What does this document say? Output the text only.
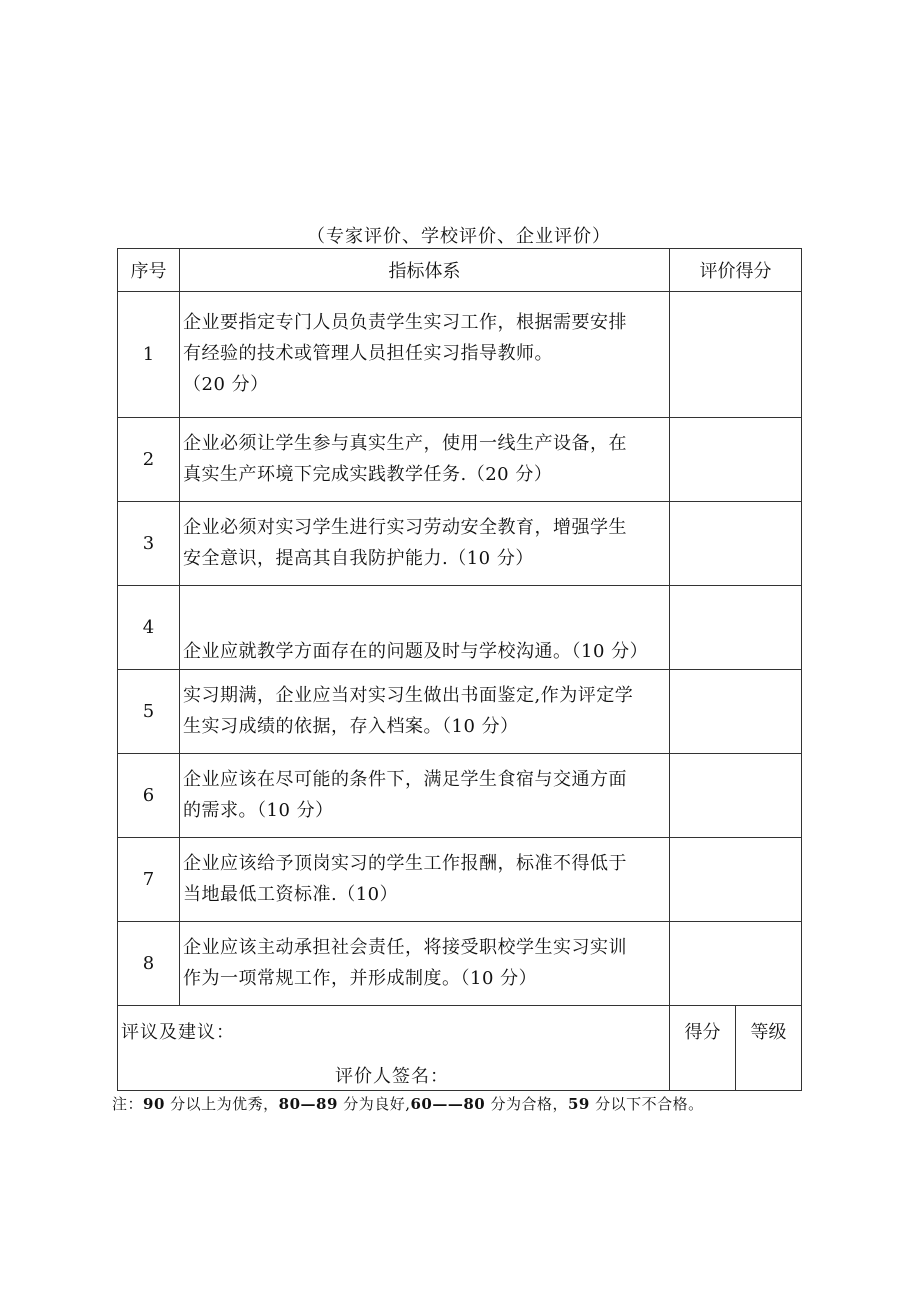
（专家评价、学校评价、企业评价）
序号	指标体系	评价得分	
1	企业要指定专门人员负责学生实习工作，根据需要安排
有经验的技术或管理人员担任实习指导教师。
（20 分）		

2	企业必须让学生参与真实生产，使用一线生产设备，在
真实生产环境下完成实践教学任务.（20 分）		

3	企业必须对实习学生进行实习劳动安全教育，增强学生
安全意识，提高其自我防护能力.（10 分）		

4	企业应就教学方面存在的问题及时与学校沟通。（10 分）		

5	实习期满，企业应当对实习生做出书面鉴定,作为评定学
生实习成绩的依据，存入档案。（10 分）		

6	企业应该在尽可能的条件下，满足学生食宿与交通方面
的需求。（10 分）		

7	企业应该给予顶岗实习的学生工作报酬，标准不得低于
当地最低工资标准.（10）		

8	企业应该主动承担社会责任，将接受职校学生实习实训
作为一项常规工作，并形成制度。（10 分）		

评议及建议：
评价人签名：		得分	等级
注：90 分以上为优秀，80—89 分为良好,60——80 分为合格，59 分以下不合格。
